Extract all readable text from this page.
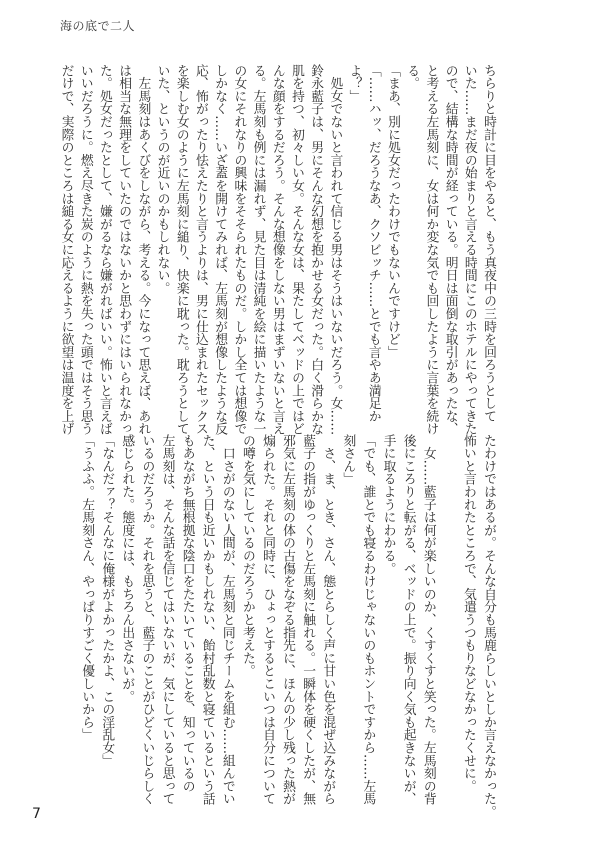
海の底で二人
ちらりと時計に目をやると、もう真夜中の三時を回ろうとして
いた……まだ夜の始まりと言える時間にこのホテルにやってきた
ので、結構な時間が経っている。明日は面倒な取引があったな、
と考える左馬刻に、女は何か変な気でも回したように言葉を続け
る。
「まあ、別に処女だったわけでもないんですけど」
「……ハッ、だろうなあ、クソビッチ……とでも言やあ満足か
よ？」
　処女でないと言われて信じる男はそうはいないだろう。女……
鈴永藍子は、男にそんな幻想を抱かせる女だった。白く滑らかな
肌を持つ、初々しい女。そんな女は、果たしてベッドの上ではど
んな顔をするだろう。そんな想像をしない男はまずいないと言え
る。左馬刻も例には漏れず、見た目は清純を絵に描いたような一
の女にそれなりの興味をそそられたものだ。しかし全ては想像で
しかなく……いざ蓋を開けてみれば、左馬刻が想像したような反
応、怖がったり怯えたりと言うよりは、男に仕込まれたセックス
を楽しむ女のように左馬刻に縋り、快楽に耽った。耽ろうとして
いた、というのが近いのかもしれない。
　左馬刻はあくびをしながら、考える。今になって思えば、あれ
は相当な無理をしていたのではないかと思わずにはいられなかっ
た。処女だったとして、嫌がるなら嫌がればいい。怖いと言えば
いいだろうに。燃え尽きた炭のように熱を失った頭ではそう思う
だけで、実際のところは縋る女に応えるように欲望は温度を上げ
たわけではあるが。そんな自分も馬鹿らしいとしか言えなかった。
怖いと言われたところで、気遣うつもりなどなかったくせに。
　女……藍子は何が楽しいのか、くすくすと笑った。左馬刻の背
後にころりと転がる、ベッドの上で。振り向く気も起きないが、
手に取るようにわかる。
「でも、誰とでも寝るわけじゃないのもホントですから……左馬
刻さん」
　さ、ま、とき、さん、態とらしく声に甘い色を混ぜ込みながら
藍子の指がゆっくりと左馬刻に触れる。一瞬体を硬くしたが、無
邪気に左馬刻の体の古傷をなぞる指先に、ほんの少し残った熱が
煽られた。それと同時に、ひょっとするとこいつは自分について
の噂を気にしているのだろうかと考えた。
　口さがのない人間が、左馬刻と同じチームを組む……組んでい
た、という日も近いかもしれない、飴村乱数と寝ているという話
もあながち無根拠な陰口をたたいていることを、知っているの
左馬刻は、そんな話を信じてはいないが、気にしていると思って
いるのだろうか。それを思うと、藍子のことがひどくいじらしく
感じられた。態度には、もちろん出さないが。
「なんだァ？そんなに俺様がよかったかよ、この淫乱女」
「うふふ。左馬刻さん、やっぱりすごく優しいから」
7
